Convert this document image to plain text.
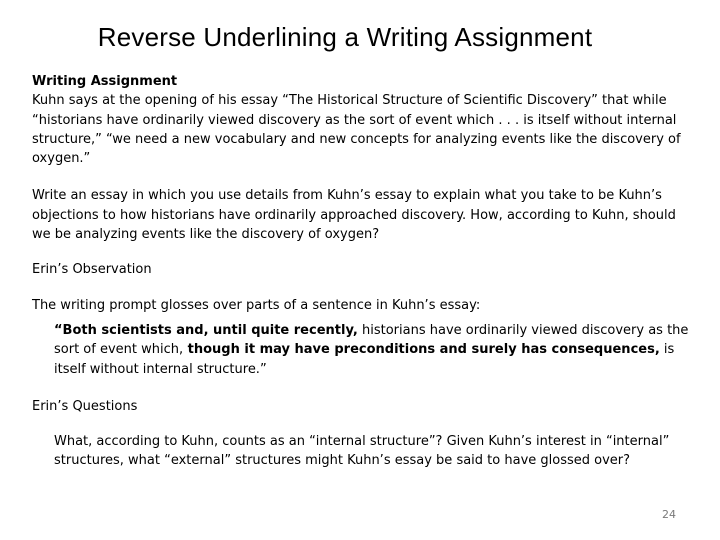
Reverse Underlining a Writing Assignment

Writing Assignment

Kuhn says at the opening of his essay “The Historical Structure of Scientific Discovery” that while “historians have ordinarily viewed discovery as the sort of event which . . . is itself without internal structure,” “we need a new vocabulary and new concepts for analyzing events like the discovery of oxygen.”

Write an essay in which you use details from Kuhn’s essay to explain what you take to be Kuhn’s objections to how historians have ordinarily approached discovery. How, according to Kuhn, should we be analyzing events like the discovery of oxygen?

Erin’s Observation

The writing prompt glosses over parts of a sentence in Kuhn’s essay:

“Both scientists and, until quite recently, historians have ordinarily viewed discovery as the sort of event which, though it may have preconditions and surely has consequences, is itself without internal structure.”

Erin’s Questions

What, according to Kuhn, counts as an “internal structure”? Given Kuhn’s interest in “internal” structures, what “external” structures might Kuhn’s essay be said to have glossed over?

24
